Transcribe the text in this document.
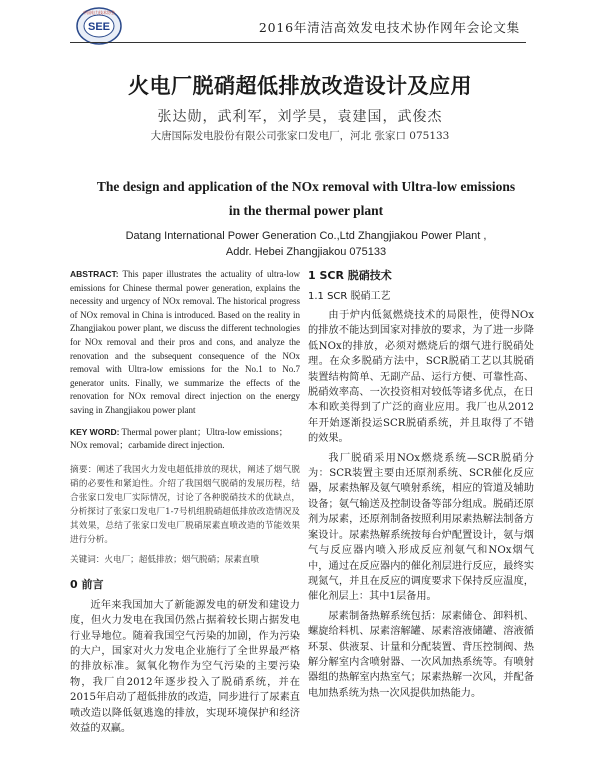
SEE
中国电力技术协会
2016年清洁高效发电技术协作网年会论文集
火电厂脱硝超低排放改造设计及应用
张达勋，武利军，刘学昊，袁建国，武俊杰
大唐国际发电股份有限公司张家口发电厂，河北 张家口 075133
The design and application of the NOx removal with Ultra-low emissions in the thermal power plant
Datang International Power Generation Co.,Ltd Zhangjiakou Power Plant ,
Addr. Hebei Zhangjiakou 075133
ABSTRACT: This paper illustrates the actuality of ultra-low emissions for Chinese thermal power generation, explains the necessity and urgency of NOx removal. The historical progress of NOx removal in China is introduced. Based on the reality in Zhangjiakou power plant, we discuss the different technologies for NOx removal and their pros and cons, and analyze the renovation and the subsequent consequence of the NOx removal with Ultra-low emissions for the No.1 to No.7 generator units. Finally, we summarize the effects of the renovation for NOx removal direct injection on the energy saving in Zhangjiakou power plant
KEY WORD: Thermal power plant；Ultra-low emissions；NOx removal；carbamide direct injection.
摘要：阐述了我国火力发电超低排放的现状，阐述了烟气脱硝的必要性和紧迫性。介绍了我国烟气脱硝的发展历程，结合张家口发电厂实际情况，讨论了各种脱硝技术的优缺点，分析探讨了张家口发电厂1-7号机组脱硝超低排放改造情况及其效果，总结了张家口发电厂脱硝尿素直喷改造的节能效果进行分析。
关键词：火电厂；超低排放；烟气脱硝；尿素直喷
0 前言

近年来我国加大了新能源发电的研发和建设力度，但火力发电在我国仍然占据着较长期占据发电行业导地位。随着我国空气污染的加剧，作为污染的大户，国家对火力发电企业施行了全世界最严格的排放标准。氮氧化物作为空气污染的主要污染物，我厂自2012年逐步投入了脱硝系统，并在2015年启动了超低排放的改造，同步进行了尿素直喷改造以降低氨逃逸的排放，实现环境保护和经济效益的双赢。

1 SCR 脱硝技术
1.1 SCR 脱硝工艺

由于炉内低氮燃烧技术的局限性，使得NOx的排放不能达到国家对排放的要求，为了进一步降低NOx的排放，必须对燃烧后的烟气进行脱硝处理。在众多脱硝方法中，SCR脱硝工艺以其脱硝装置结构简单、无副产品、运行方便、可靠性高、脱硝效率高、一次投资相对较低等诸多优点，在日本和欧美得到了广泛的商业应用。我厂也从2012年开始逐渐投运SCR脱硝系统，并且取得了不错的效果。

我厂脱硝采用NOx燃烧系统—SCR脱硝分为：SCR装置主要由还原剂系统、SCR催化反应器，尿素热解及氨气喷射系统，相应的管道及辅助设备；氨气输送及控制设备等部分组成。脱硝还原剂为尿素，还原剂制备按照利用尿素热解法制备方案设计。尿素热解系统按每台炉配置设计，氨与烟气与反应器内喷入形成反应剂氨气和NOx烟气中，通过在反应器内的催化剂层进行反应，最终实现氮气，并且在反应的调度要求下保持反应温度，催化剂层上：其中1层备用。

尿素制备热解系统包括：尿素储仓、卸料机、螺旋给料机、尿素溶解罐、尿素溶液储罐、溶液循环泵、供液泵、计量和分配装置、背压控制阀、热解分解室内含喷射器、一次风加热系统等。有喷射器组的热解室内热室气；尿素热解一次风，并配备电加热系统为热一次风提供加热能力。
